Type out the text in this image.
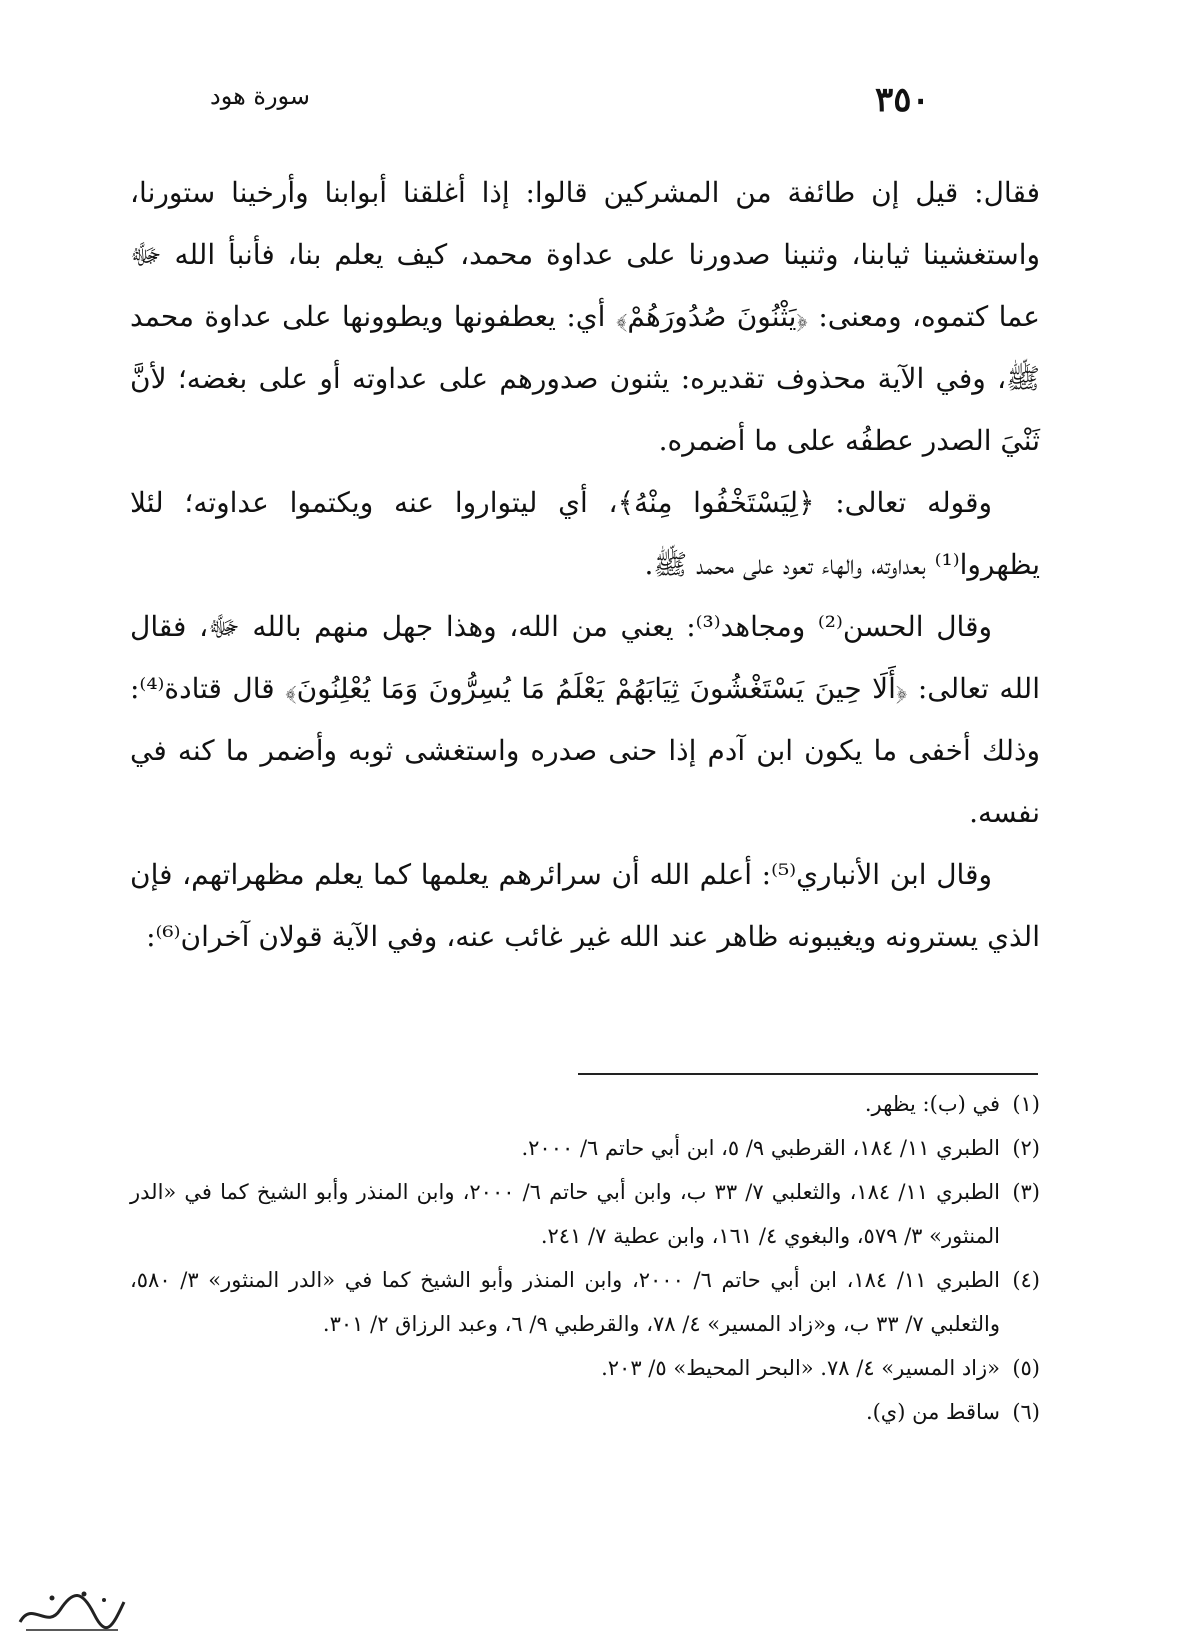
٣٥٠
سورة هود

فقال: قيل إن طائفة من المشركين قالوا: إذا أغلقنا أبوابنا وأرخينا ستورنا، واستغشينا ثيابنا، وثنينا صدورنا على عداوة محمد، كيف يعلم بنا، فأنبأ الله ﷻ عما كتموه، ومعنى: ﴿يَثْنُونَ صُدُورَهُمْ﴾ أي: يعطفونها ويطوونها على عداوة محمد ﷺ، وفي الآية محذوف تقديره: يثنون صدورهم على عداوته أو على بغضه؛ لأنَّ ثَنْيَ الصدر عطفُه على ما أضمره.

وقوله تعالى: ﴿لِيَسْتَخْفُوا مِنْهُ﴾، أي ليتواروا عنه ويكتموا عداوته؛ لئلا يظهروا⁽¹⁾ بعداوته، والهاء تعود على محمد ﷺ.

وقال الحسن⁽²⁾ ومجاهد⁽³⁾: يعني من الله، وهذا جهل منهم بالله ﷻ، فقال الله تعالى: ﴿أَلَا حِينَ يَسْتَغْشُونَ ثِيَابَهُمْ يَعْلَمُ مَا يُسِرُّونَ وَمَا يُعْلِنُونَ﴾ قال قتادة⁽⁴⁾: وذلك أخفى ما يكون ابن آدم إذا حنى صدره واستغشى ثوبه وأضمر ما كنه في نفسه.

وقال ابن الأنباري⁽⁵⁾: أعلم الله أن سرائرهم يعلمها كما يعلم مظهراتهم، فإن الذي يسترونه ويغيبونه ظاهر عند الله غير غائب عنه، وفي الآية قولان آخران⁽⁶⁾:

(١)
في (ب): يظهر.
(٢)
الطبري ١١/ ١٨٤، القرطبي ٩/ ٥، ابن أبي حاتم ٦/ ٢٠٠٠.
(٣)
الطبري ١١/ ١٨٤، والثعلبي ٧/ ٣٣ ب، وابن أبي حاتم ٦/ ٢٠٠٠، وابن المنذر وأبو الشيخ كما في «الدر المنثور» ٣/ ٥٧٩، والبغوي ٤/ ١٦١، وابن عطية ٧/ ٢٤١.
(٤)
الطبري ١١/ ١٨٤، ابن أبي حاتم ٦/ ٢٠٠٠، وابن المنذر وأبو الشيخ كما في «الدر المنثور» ٣/ ٥٨٠، والثعلبي ٧/ ٣٣ ب، و«زاد المسير» ٤/ ٧٨، والقرطبي ٩/ ٦، وعبد الرزاق ٢/ ٣٠١.
(٥)
«زاد المسير» ٤/ ٧٨. «البحر المحيط» ٥/ ٢٠٣.
(٦)
ساقط من (ي).
